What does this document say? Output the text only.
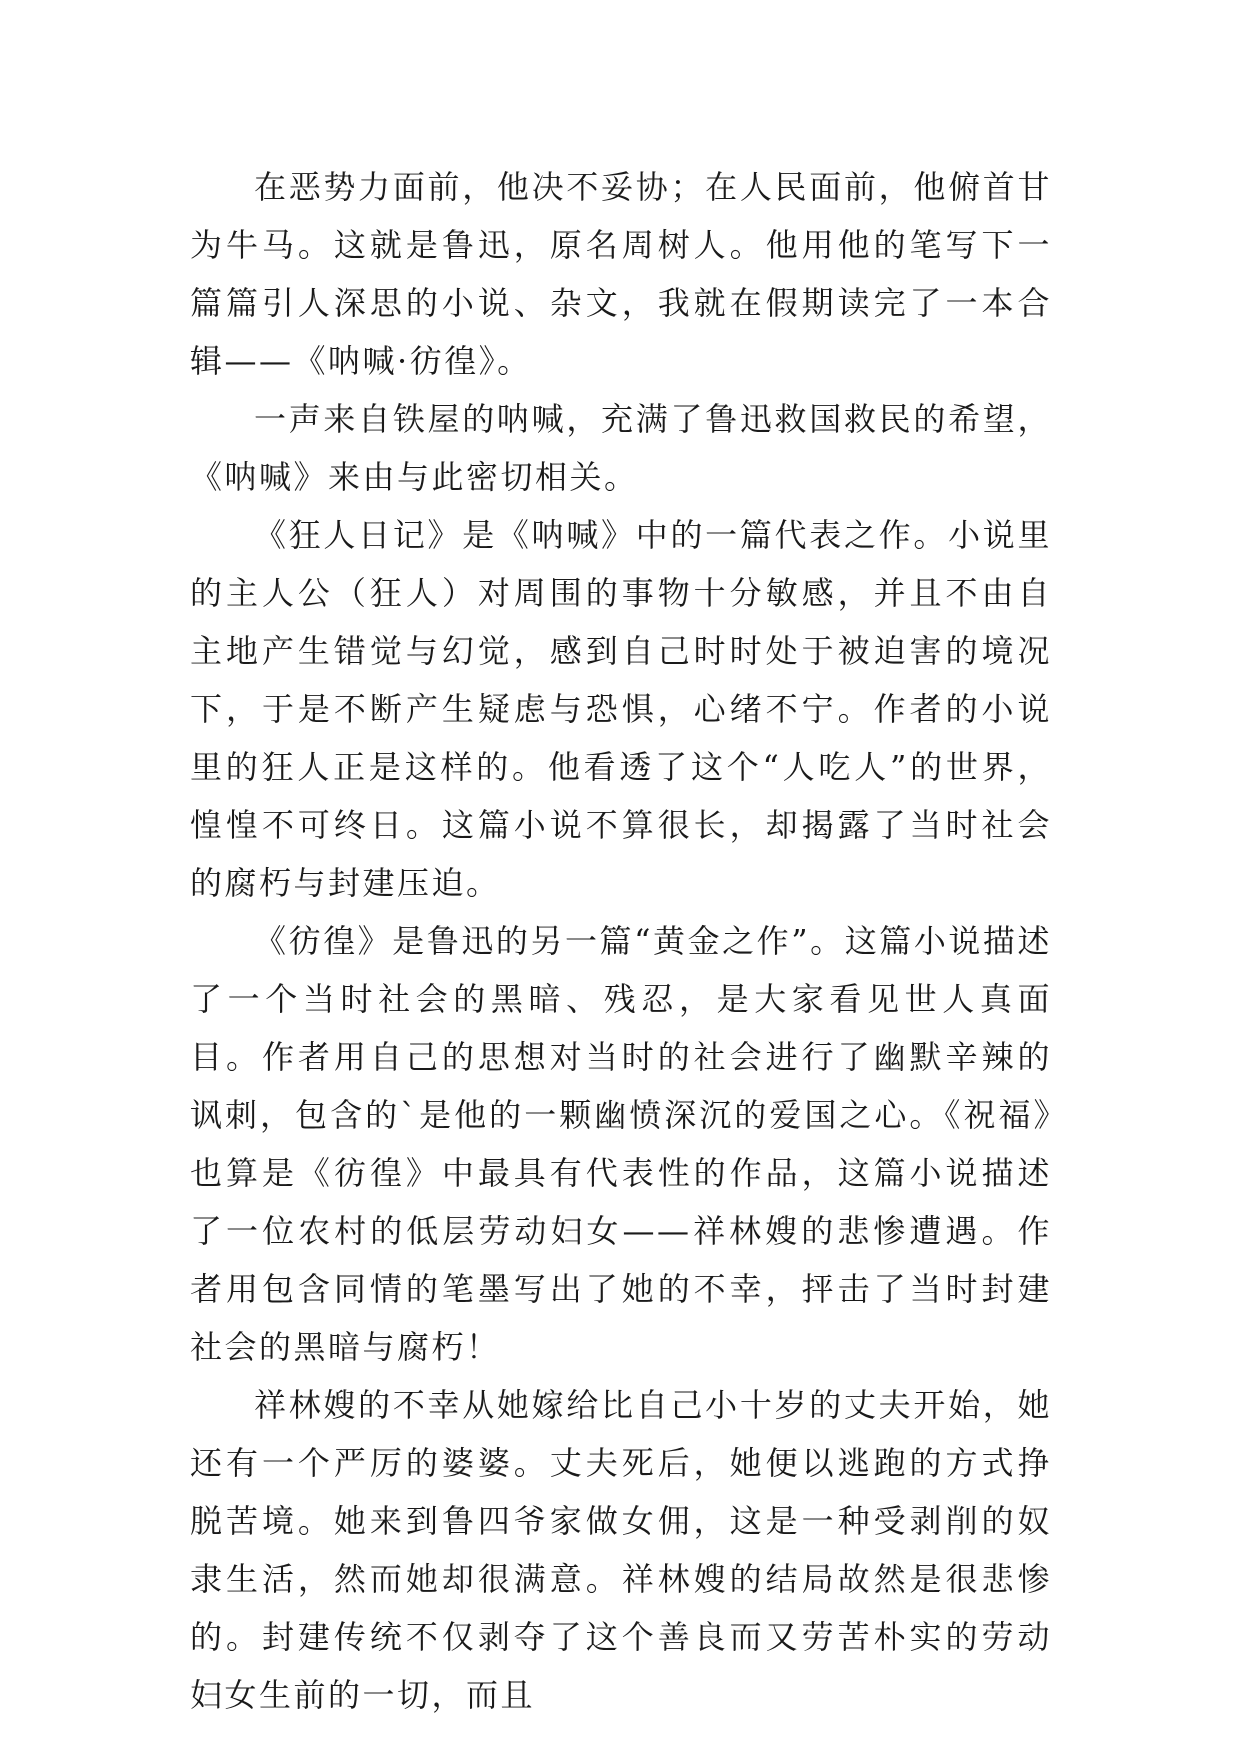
在恶势力面前，他决不妥协；在人民面前，他俯首甘为牛马。这就是鲁迅，原名周树人。他用他的笔写下一篇篇引人深思的小说、杂文，我就在假期读完了一本合辑——《呐喊·彷徨》。

一声来自铁屋的呐喊，充满了鲁迅救国救民的希望，《呐喊》来由与此密切相关。

《狂人日记》是《呐喊》中的一篇代表之作。小说里的主人公（狂人）对周围的事物十分敏感，并且不由自主地产生错觉与幻觉，感到自己时时处于被迫害的境况下，于是不断产生疑虑与恐惧，心绪不宁。作者的小说里的狂人正是这样的。他看透了这个“人吃人”的世界，惶惶不可终日。这篇小说不算很长，却揭露了当时社会的腐朽与封建压迫。

《彷徨》是鲁迅的另一篇“黄金之作”。这篇小说描述了一个当时社会的黑暗、残忍，是大家看见世人真面目。作者用自己的思想对当时的社会进行了幽默辛辣的讽刺，包含的`是他的一颗幽愤深沉的爱国之心。《祝福》也算是《彷徨》中最具有代表性的作品，这篇小说描述了一位农村的低层劳动妇女——祥林嫂的悲惨遭遇。作者用包含同情的笔墨写出了她的不幸，抨击了当时封建社会的黑暗与腐朽！

祥林嫂的不幸从她嫁给比自己小十岁的丈夫开始，她还有一个严厉的婆婆。丈夫死后，她便以逃跑的方式挣脱苦境。她来到鲁四爷家做女佣，这是一种受剥削的奴隶生活，然而她却很满意。祥林嫂的结局故然是很悲惨的。封建传统不仅剥夺了这个善良而又劳苦朴实的劳动妇女生前的一切，而且
